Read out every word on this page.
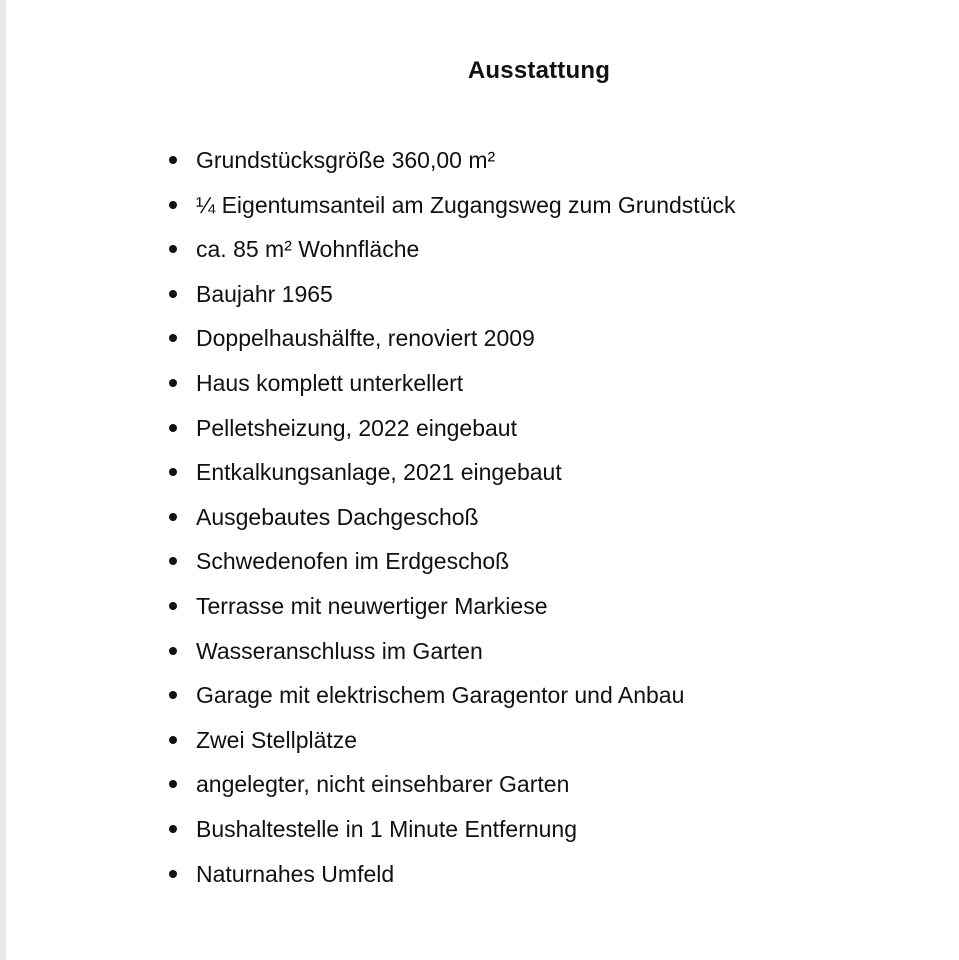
Ausstattung
Grundstücksgröße 360,00 m²
¼ Eigentumsanteil am Zugangsweg zum Grundstück
ca. 85 m² Wohnfläche
Baujahr 1965
Doppelhaushälfte, renoviert 2009
Haus komplett unterkellert
Pelletsheizung, 2022 eingebaut
Entkalkungsanlage, 2021 eingebaut
Ausgebautes Dachgeschoß
Schwedenofen im Erdgeschoß
Terrasse mit neuwertiger Markiese
Wasseranschluss im Garten
Garage mit elektrischem Garagentor und Anbau
Zwei Stellplätze
angelegter, nicht einsehbarer Garten
Bushaltestelle in 1 Minute Entfernung
Naturnahes Umfeld
